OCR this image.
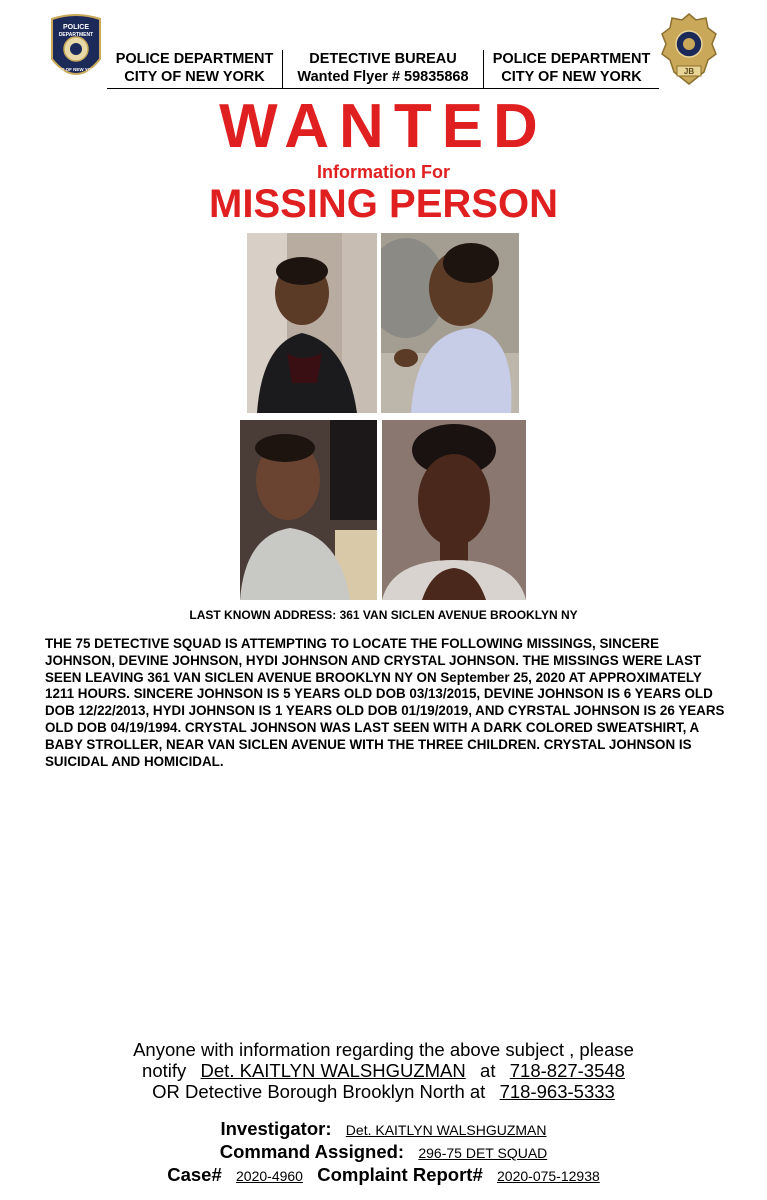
POLICE
DEPARTMENT
CITY OF NEW YORK	JB
POLICE DEPARTMENT
CITY OF NEW YORK
DETECTIVE BUREAU
Wanted Flyer # 59835868
POLICE DEPARTMENT
CITY OF NEW YORK
WANTED
Information For
MISSING PERSON
LAST KNOWN ADDRESS: 361 VAN SICLEN AVENUE BROOKLYN NY
THE 75 DETECTIVE SQUAD IS ATTEMPTING TO LOCATE THE FOLLOWING MISSINGS, SINCERE JOHNSON, DEVINE JOHNSON, HYDI JOHNSON AND CRYSTAL JOHNSON. THE MISSINGS WERE LAST SEEN LEAVING 361 VAN SICLEN AVENUE BROOKLYN NY ON September 25, 2020 AT APPROXIMATELY 1211 HOURS. SINCERE JOHNSON IS 5 YEARS OLD DOB 03/13/2015, DEVINE JOHNSON IS 6 YEARS OLD DOB 12/22/2013, HYDI JOHNSON IS 1 YEARS OLD DOB 01/19/2019, AND CYRSTAL JOHNSON IS 26 YEARS OLD DOB 04/19/1994. CRYSTAL JOHNSON WAS LAST SEEN WITH A DARK COLORED SWEATSHIRT, A BABY STROLLER, NEAR VAN SICLEN AVENUE WITH THE THREE CHILDREN. CRYSTAL JOHNSON IS SUICIDAL AND HOMICIDAL.
Anyone with information regarding the above subject , please
notify Det. KAITLYN WALSHGUZMAN at 718-827-3548
OR Detective Borough Brooklyn North at 718-963-5333
Investigator: Det. KAITLYN WALSHGUZMAN
Command Assigned: 296-75 DET SQUAD
Case# 2020-4960 Complaint Report# 2020-075-12938
